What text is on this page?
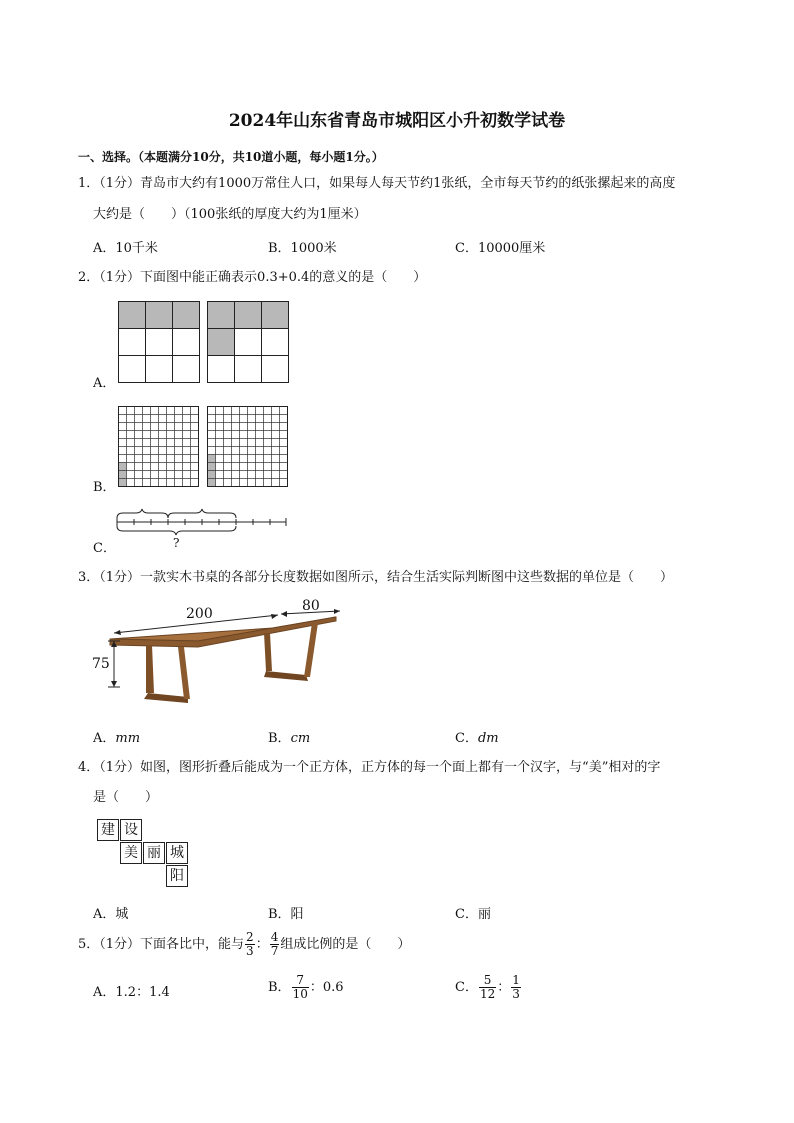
2024年山东省青岛市城阳区小升初数学试卷
一、选择。（本题满分10分，共10道小题，每小题1分。）
1．（1分）青岛市大约有1000万常住人口，如果每人每天节约1张纸，全市每天节约的纸张摞起来的高度
大约是（　　）（100张纸的厚度大约为1厘米）
A．10千米	B．1000米	C．10000厘米
2．（1分）下面图中能正确表示0.3+0.4的意义的是（　　）
A．
B．
?
C．
3．（1分）一款实木书桌的各部分长度数据如图所示，结合生活实际判断图中这些数据的单位是（　　）
200	80
75
A．mm	B．cm	C．dm
4．（1分）如图，图形折叠后能成为一个正方体，正方体的每一个面上都有一个汉字，与“美”相对的字
是（　　）
建 设
美 丽 城
阳
A．城	B．阳	C．丽
5．（1分）下面各比中，能与 $\frac{2}{3}$ ： $\frac{4}{7}$ 组成比例的是（　　）
A．1.2：1.4	B． $\frac{7}{10}$ ：0.6	C． $\frac{5}{12}$ ： $\frac{1}{3}$
